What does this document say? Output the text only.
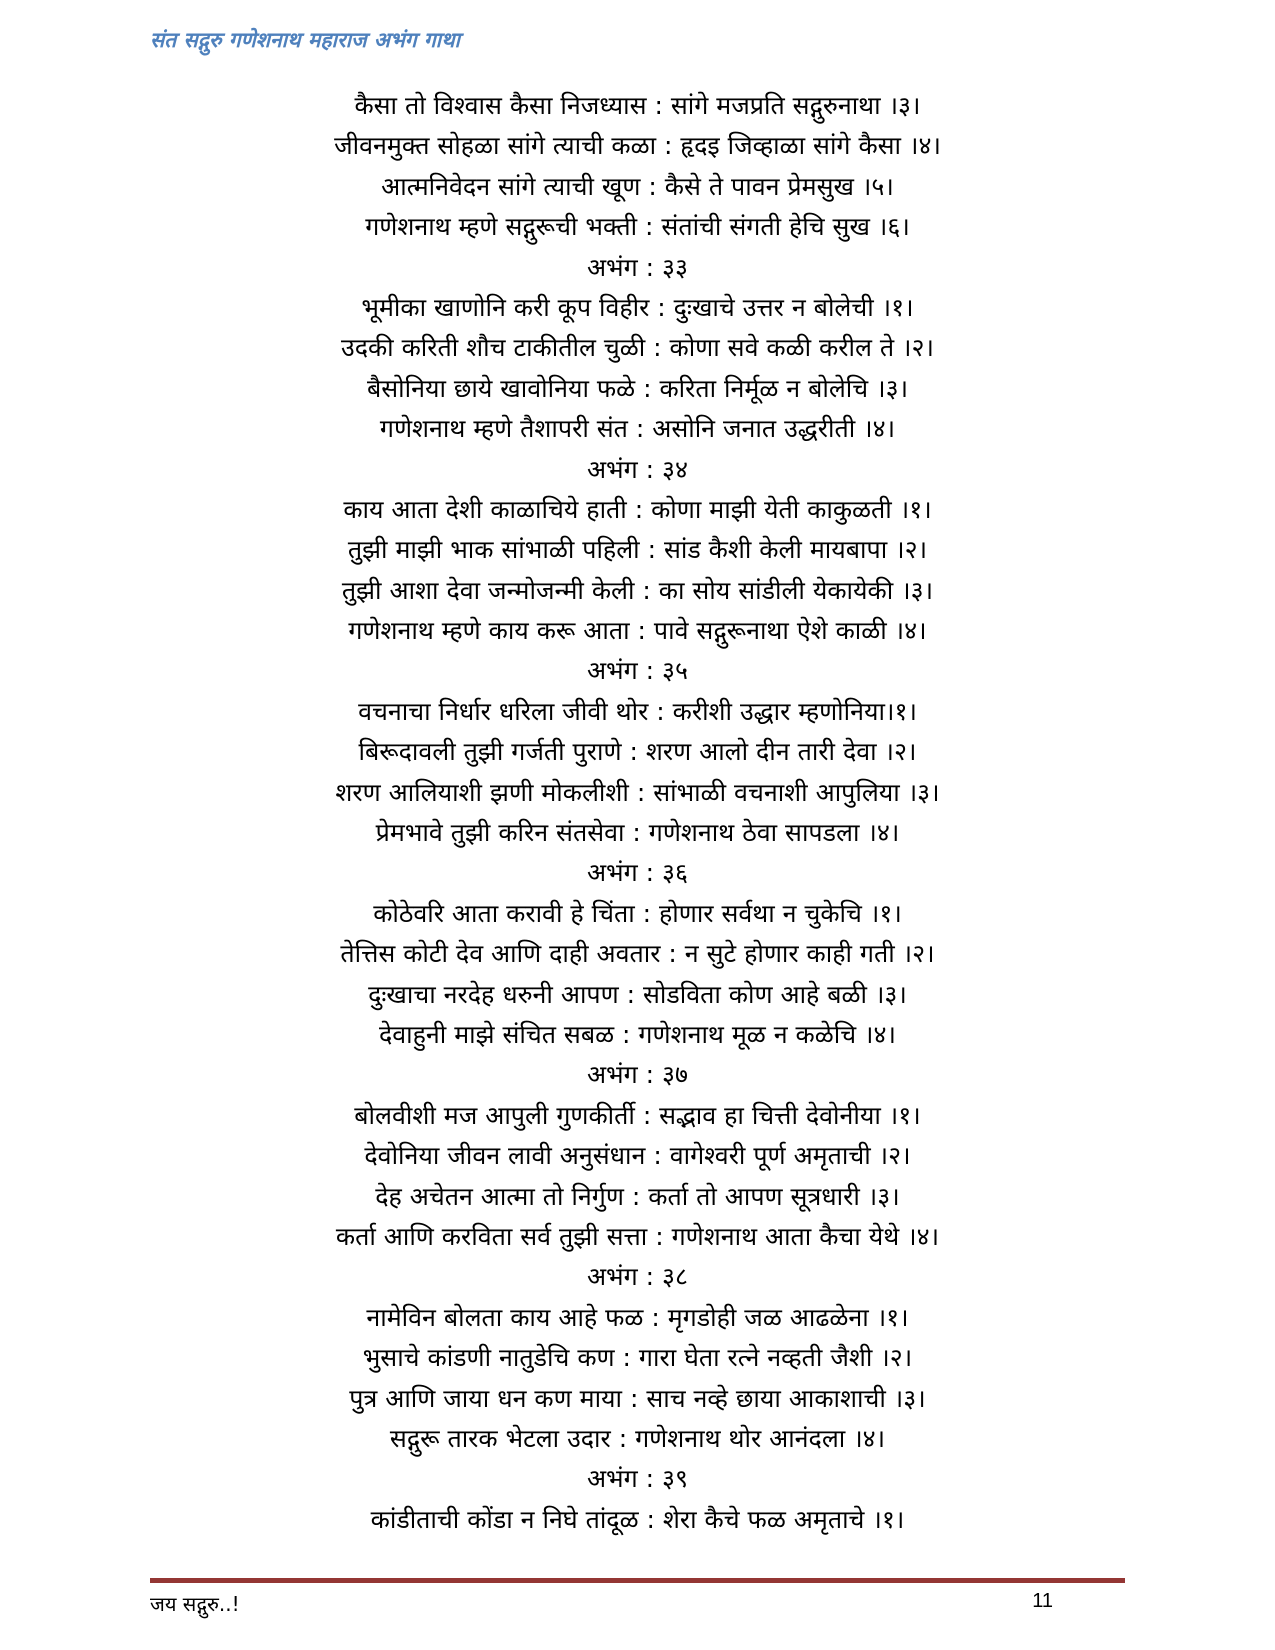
संत सद्गुरु गणेशनाथ महाराज अभंग गाथा
कैसा तो विश्वास कैसा निजध्यास : सांगे मजप्रति सद्गुरुनाथा ।३।
जीवनमुक्त सोहळा सांगे त्याची कळा : हृदइ जिव्हाळा सांगे कैसा ।४।
आत्मनिवेदन सांगे त्याची खूण : कैसे ते पावन प्रेमसुख ।५।
गणेशनाथ म्हणे सद्गुरूची भक्ती : संतांची संगती हेचि सुख ।६।
अभंग : ३३
भूमीका खाणोनि करी कूप विहीर : दुःखाचे उत्तर न बोलेची ।१।
उदकी करिती शौच टाकीतील चुळी : कोणा सवे कळी करील ते ।२।
बैसोनिया छाये खावोनिया फळे : करिता निर्मूळ न बोलेचि ।३।
गणेशनाथ म्हणे तैशापरी संत : असोनि जनात उद्धरीती ।४।
अभंग : ३४
काय आता देशी काळाचिये हाती : कोणा माझी येती काकुळती ।१।
तुझी माझी भाक सांभाळी पहिली : सांड कैशी केली मायबापा ।२।
तुझी आशा देवा जन्मोजन्मी केली : का सोय सांडीली येकायेकी ।३।
गणेशनाथ म्हणे काय करू आता : पावे सद्गुरूनाथा ऐशे काळी ।४।
अभंग : ३५
वचनाचा निर्धार धरिला जीवी थोर : करीशी उद्धार म्हणोनिया।१।
बिरूदावली तुझी गर्जती पुराणे : शरण आलो दीन तारी देवा ।२।
शरण आलियाशी झणी मोकलीशी : सांभाळी वचनाशी आपुलिया ।३।
प्रेमभावे तुझी करिन संतसेवा : गणेशनाथ ठेवा सापडला ।४।
अभंग : ३६
कोठेवरि आता करावी हे चिंता : होणार सर्वथा न चुकेचि ।१।
तेत्तिस कोटी देव आणि दाही अवतार : न सुटे होणार काही गती ।२।
दुःखाचा नरदेह धरुनी आपण : सोडविता कोण आहे बळी ।३।
देवाहुनी माझे संचित सबळ : गणेशनाथ मूळ न कळेचि ।४।
अभंग : ३७
बोलवीशी मज आपुली गुणकीर्ती : सद्भाव हा चित्ती देवोनीया ।१।
देवोनिया जीवन लावी अनुसंधान : वागेश्वरी पूर्ण अमृताची ।२।
देह अचेतन आत्मा तो निर्गुण : कर्ता तो आपण सूत्रधारी ।३।
कर्ता आणि करविता सर्व तुझी सत्ता : गणेशनाथ आता कैचा येथे ।४।
अभंग : ३८
नामेविन बोलता काय आहे फळ : मृगडोही जळ आढळेना ।१।
भुसाचे कांडणी नातुडेचि कण : गारा घेता रत्ने नव्हती जैशी ।२।
पुत्र आणि जाया धन कण माया : साच नव्हे छाया आकाशाची ।३।
सद्गुरू तारक भेटला उदार : गणेशनाथ थोर आनंदला ।४।
अभंग : ३९
कांडीताची कोंडा न निघे तांदूळ : शेरा कैचे फळ अमृताचे ।१।
जय सद्गुरु..!	11
